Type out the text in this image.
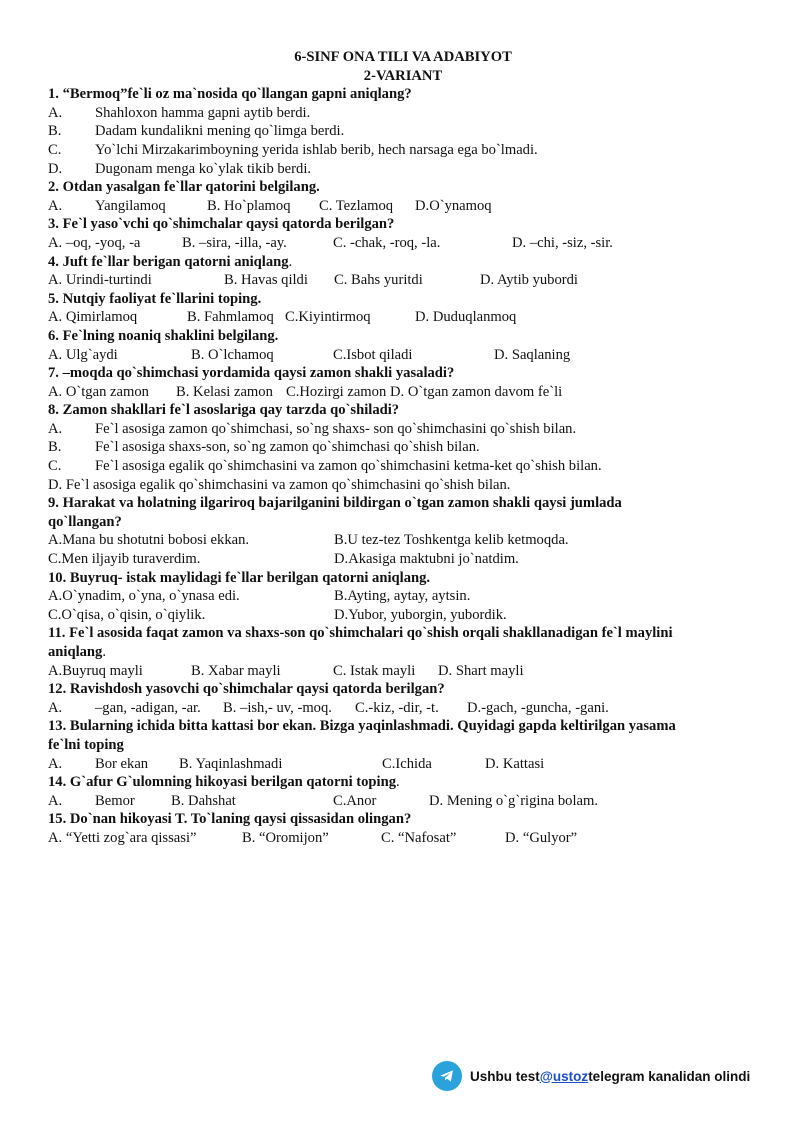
6-SINF ONA TILI VA ADABIYOT
2-VARIANT
1. “Bermoq”fe`li oz ma`nosida qo`llangan gapni aniqlang?
A.	Shahloxon hamma gapni aytib berdi.
B.	Dadam kundalikni mening qo`limga berdi.
C.	Yo`lchi Mirzakarimboyning yerida ishlab berib, hech narsaga ega bo`lmadi.
D.	Dugonam menga ko`ylak tikib berdi.
2. Otdan yasalgan fe`llar qatorini belgilang.
A.	Yangilamoq	B. Ho`plamoq	C. Tezlamoq	D.O`ynamoq
3. Fe`l yaso`vchi qo`shimchalar qaysi qatorda berilgan?
A. –oq, -yoq, -a	B. –sira, -illa, -ay.	C. -chak, -roq, -la.	D. –chi, -siz, -sir.
4. Juft fe`llar berigan qatorni aniqlang.
A. Urindi-turtindi	B. Havas qildi	C. Bahs yuritdi	D. Aytib yubordi
5. Nutqiy faoliyat fe`llarini toping.
A. Qimirlamoq	B. Fahmlamoq C.Kiyintirmoq	D. Duduqlanmoq
6. Fe`lning noaniq shaklini belgilang.
A. Ulg`aydi	B. O`lchamoq	C.Isbot qiladi	D. Saqlaning
7. –moqda qo`shimchasi yordamida qaysi zamon shakli yasaladi?
A. O`tgan zamon	B. Kelasi zamon C.Hozirgi zamon D. O`tgan zamon davom fe`li
8. Zamon shakllari fe`l asoslariga qay tarzda qo`shiladi?
A.	Fe`l asosiga zamon qo`shimchasi, so`ng shaxs- son qo`shimchasini qo`shish bilan.
B.	Fe`l asosiga shaxs-son, so`ng zamon qo`shimchasi qo`shish bilan.
C.	Fe`l asosiga egalik qo`shimchasini va zamon qo`shimchasini ketma-ket qo`shish bilan.
D. Fe`l asosiga egalik qo`shimchasini va zamon qo`shimchasini qo`shish bilan.
9. Harakat va holatning ilgariroq bajarilganini bildirgan o`tgan zamon shakli qaysi jumlada
qo`llangan?
A.Mana bu shotutni bobosi ekkan.	B.U tez-tez Toshkentga kelib ketmoqda.
C.Men iljayib turaverdim.	D.Akasiga maktubni jo`natdim.
10. Buyruq- istak maylidagi fe`llar berilgan qatorni aniqlang.
A.O`ynadim, o`yna, o`ynasa edi.	B.Ayting, aytay, aytsin.
C.O`qisa, o`qisin, o`qiylik.	D.Yubor, yuborgin, yubordik.
11. Fe`l asosida faqat zamon va shaxs-son qo`shimchalari qo`shish orqali shakllanadigan fe`l maylini
aniqlang.
A.Buyruq mayli	B. Xabar mayli	C. Istak mayli	D. Shart mayli
12. Ravishdosh yasovchi qo`shimchalar qaysi qatorda berilgan?
A.	–gan, -adigan, -ar.	B. –ish,- uv, -moq.	C.-kiz, -dir, -t.	D.-gach, -guncha, -gani.
13. Bularning ichida bitta kattasi bor ekan. Bizga yaqinlashmadi. Quyidagi gapda keltirilgan yasama
fe`lni toping
A.	Bor ekan	B. Yaqinlashmadi	C.Ichida	D. Kattasi
14. G`afur G`ulomning hikoyasi berilgan qatorni toping.
A.	Bemor	B. Dahshat	C.Anor	D. Mening o`g`rigina bolam.
15. Do`nan hikoyasi T. To`laning qaysi qissasidan olingan?
A. “Yetti zog`ara qissasi”	B. “Oromijon”	C. “Nafosat”	D. “Gulyor”
Ushbu test @ustoz telegram kanalidan olindi
